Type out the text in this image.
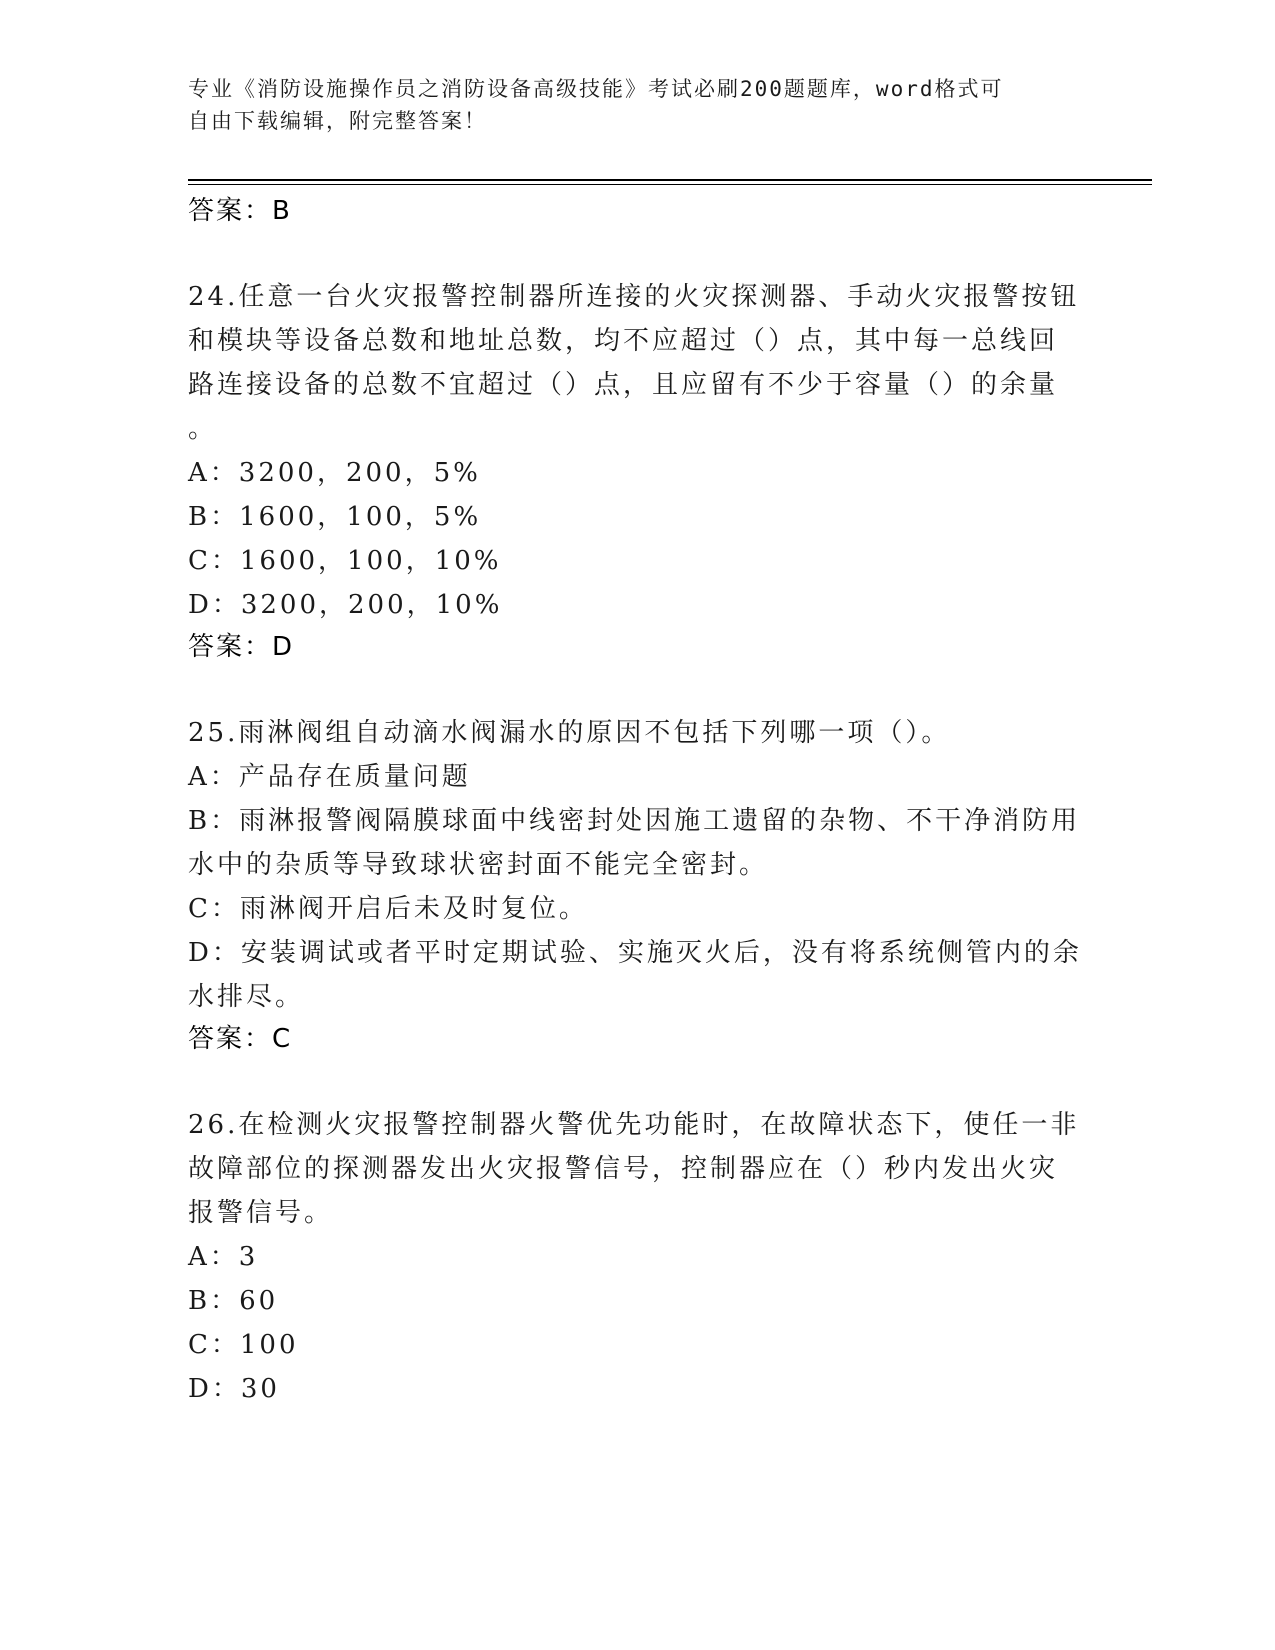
专业《消防设施操作员之消防设备高级技能》考试必刷200题题库，word格式可
自由下载编辑，附完整答案！
答案：B
24.任意一台火灾报警控制器所连接的火灾探测器、手动火灾报警按钮
和模块等设备总数和地址总数，均不应超过（）点，其中每一总线回
路连接设备的总数不宜超过（）点，且应留有不少于容量（）的余量
。
A：3200，200，5%
B：1600，100，5%
C：1600，100，10%
D：3200，200，10%
答案：D
25.雨淋阀组自动滴水阀漏水的原因不包括下列哪一项（）。
A：产品存在质量问题
B：雨淋报警阀隔膜球面中线密封处因施工遗留的杂物、不干净消防用
水中的杂质等导致球状密封面不能完全密封。
C：雨淋阀开启后未及时复位。
D：安装调试或者平时定期试验、实施灭火后，没有将系统侧管内的余
水排尽。
答案：C
26.在检测火灾报警控制器火警优先功能时，在故障状态下，使任一非
故障部位的探测器发出火灾报警信号，控制器应在（）秒内发出火灾
报警信号。
A：3
B：60
C：100
D：30
